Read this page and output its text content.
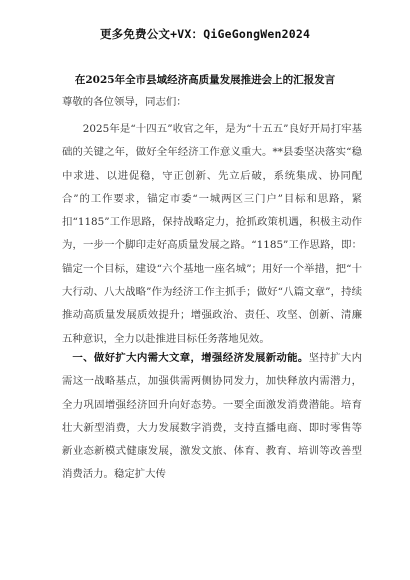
更多免费公文+VX：QiGeGongWen2024
在2025年全市县域经济高质量发展推进会上的汇报发言
尊敬的各位领导，同志们：
2025年是“十四五”收官之年，是为“十五五”良好开局打牢基础的关键之年，做好全年经济工作意义重大。**县委坚决落实“稳中求进、以进促稳，守正创新、先立后破，系统集成、协同配合”的工作要求，锚定市委“一城两区三门户”目标和思路，紧扣“1185”工作思路，保持战略定力，抢抓政策机遇，积极主动作为，一步一个脚印走好高质量发展之路。“1185”工作思路，即：锚定一个目标，建设“六个基地一座名城”；用好一个举措，把“十大行动、八大战略”作为经济工作主抓手；做好“八篇文章”，持续推动高质量发展质效提升；增强政治、责任、攻坚、创新、清廉五种意识，全力以赴推进目标任务落地见效。
一、做好扩大内需大文章，增强经济发展新动能。坚持扩大内需这一战略基点，加强供需两侧协同发力，加快释放内需潜力，全力巩固增强经济回升向好态势。一要全面激发消费潜能。培育壮大新型消费，大力发展数字消费，支持直播电商、即时零售等新业态新模式健康发展，激发文旅、体育、教育、培训等改善型消费活力。稳定扩大传
